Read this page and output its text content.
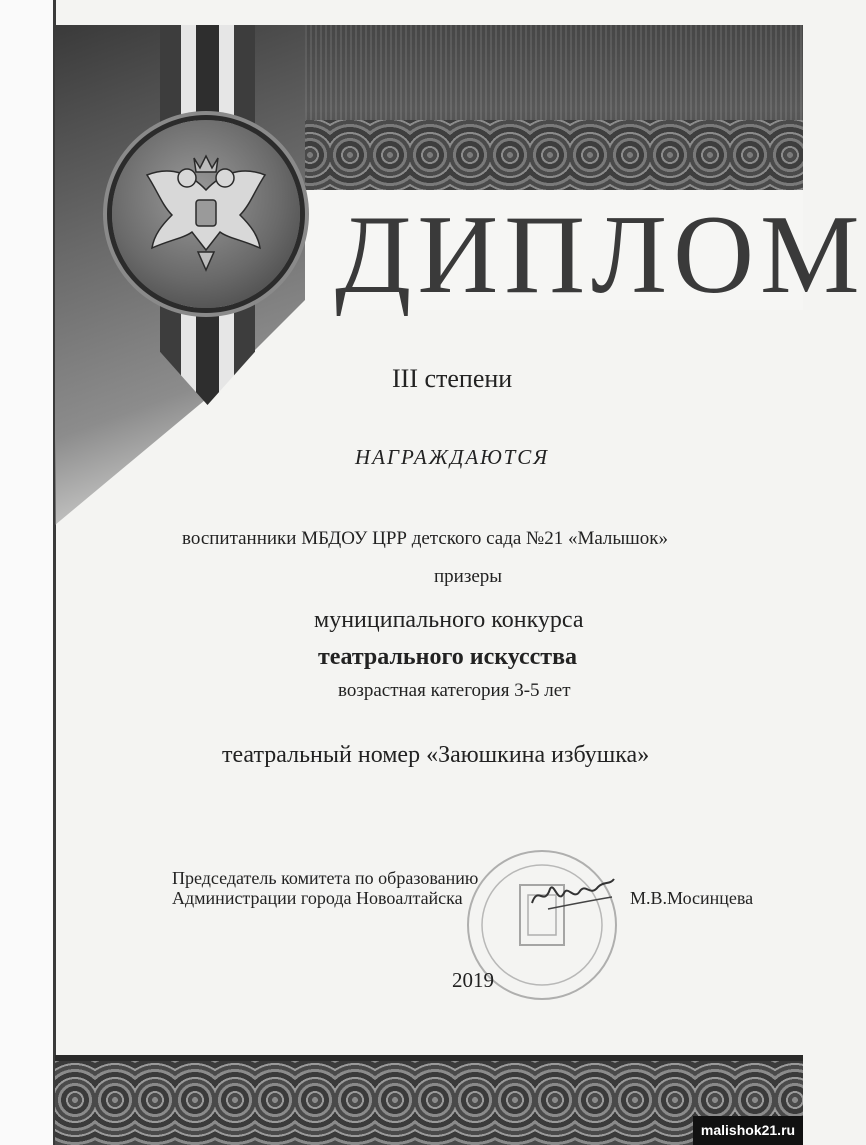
ДИПЛОМ
III степени
НАГРАЖДАЮТСЯ
воспитанники МБДОУ ЦРР детского сада №21 «Малышок»
призеры
муниципального конкурса
театрального искусства
возрастная категория 3-5 лет
театральный номер «Заюшкина избушка»
Председатель комитета по образованию
Администрации города Новоалтайска	М.В.Мосинцева
2019
malishok21.ru
